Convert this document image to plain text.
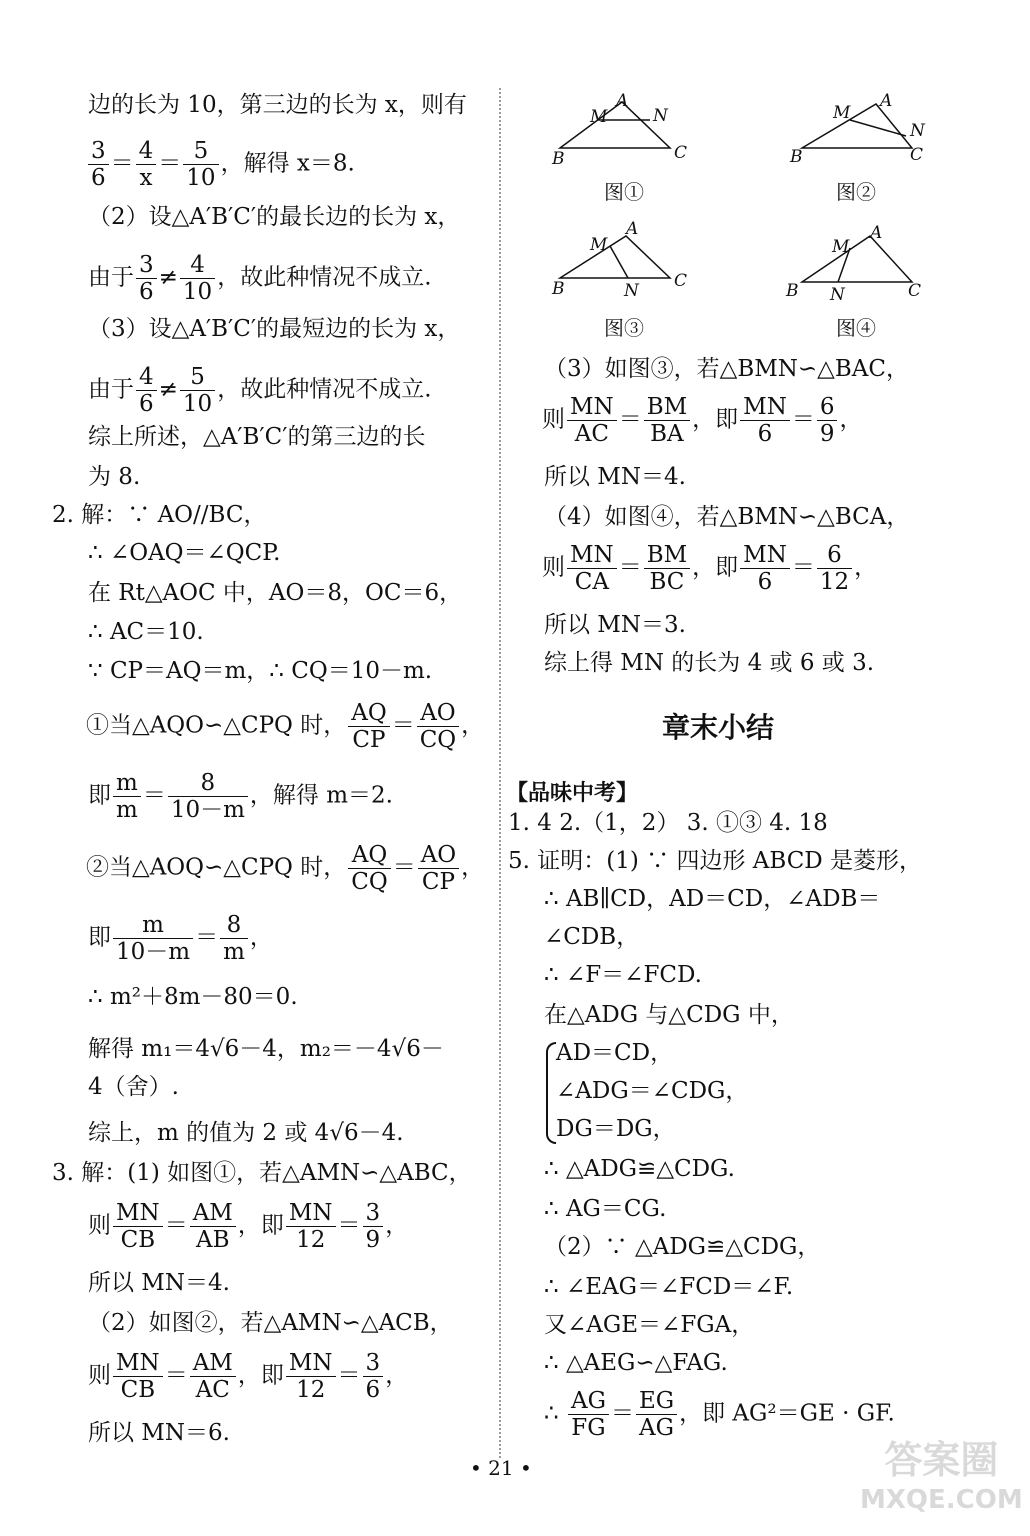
边的长为 10，第三边的长为 x，则有
$\frac{3}{6} = \frac{4}{x} = \frac{5}{10}$ ，解得 x＝8.
（2）设△A′B′C′的最长边的长为 x，
由于 $\frac{3}{6} \ne \frac{4}{10}$ ，故此种情况不成立.
（3）设△A′B′C′的最短边的长为 x，
由于 $\frac{4}{6} \ne \frac{5}{10}$ ，故此种情况不成立.
综上所述，△A′B′C′的第三边的长
为 8.
2. 解：∵ AO//BC，
∴ ∠OAQ＝∠QCP.
在 Rt△AOC 中，AO＝8，OC＝6，
∴ AC＝10.
∵ CP＝AQ＝m，∴ CQ＝10－m.
①当△AQO∽△CPQ 时， $\frac{AQ}{CP} = \frac{AO}{CQ}$ ，
即 $\frac{m}{m} = \frac{8}{10-m}$ ，解得 m＝2.
②当△AOQ∽△CPQ 时， $\frac{AQ}{CQ} = \frac{AO}{CP}$ ，
即 $\frac{m}{10-m} = \frac{8}{m}$ ，
∴ m²＋8m－80＝0.
解得 m₁＝4√6－4，m₂＝－4√6－
4（舍）.
综上，m 的值为 2 或 4√6－4.
3. 解：(1) 如图①，若△AMN∽△ABC，
则 $\frac{MN}{CB} = \frac{AM}{AB}$ ，即 $\frac{MN}{12} = \frac{3}{9}$ ，
所以 MN＝4.
（2）如图②，若△AMN∽△ACB，
则 $\frac{MN}{CB} = \frac{AM}{AC}$ ，即 $\frac{MN}{12} = \frac{3}{6}$ ，
所以 MN＝6.
M
A
N
B	C
M
A
N
B	C
M
A
N
B	C
M
A
N
B	C
图①	图②
图③	图④
（3）如图③，若△BMN∽△BAC，
则 $\frac{MN}{AC} = \frac{BM}{BA}$ ，即 $\frac{MN}{6} = \frac{6}{9}$ ，
所以 MN＝4.
（4）如图④，若△BMN∽△BCA，
则 $\frac{MN}{CA} = \frac{BM}{BC}$ ，即 $\frac{MN}{6} = \frac{6}{12}$ ，
所以 MN＝3.
综上得 MN 的长为 4 或 6 或 3.
章末小结
【品味中考】
1. 4 2.（1，2） 3. ①③ 4. 18
5. 证明：(1) ∵ 四边形 ABCD 是菱形，
∴ AB∥CD，AD＝CD，∠ADB＝
∠CDB，
∴ ∠F＝∠FCD.
在△ADG 与△CDG 中，
AD＝CD，
∠ADG＝∠CDG，
DG＝DG，
∴ △ADG≌△CDG.
∴ AG＝CG.
（2）∵ △ADG≌△CDG，
∴ ∠EAG＝∠FCD＝∠F.
又∠AGE＝∠FGA，
∴ △AEG∽△FAG.
∴ $\frac{AG}{FG} = \frac{EG}{AG}$ ，即 AG²＝GE · GF.
• 21 •	答案圈
MXQE.COM
